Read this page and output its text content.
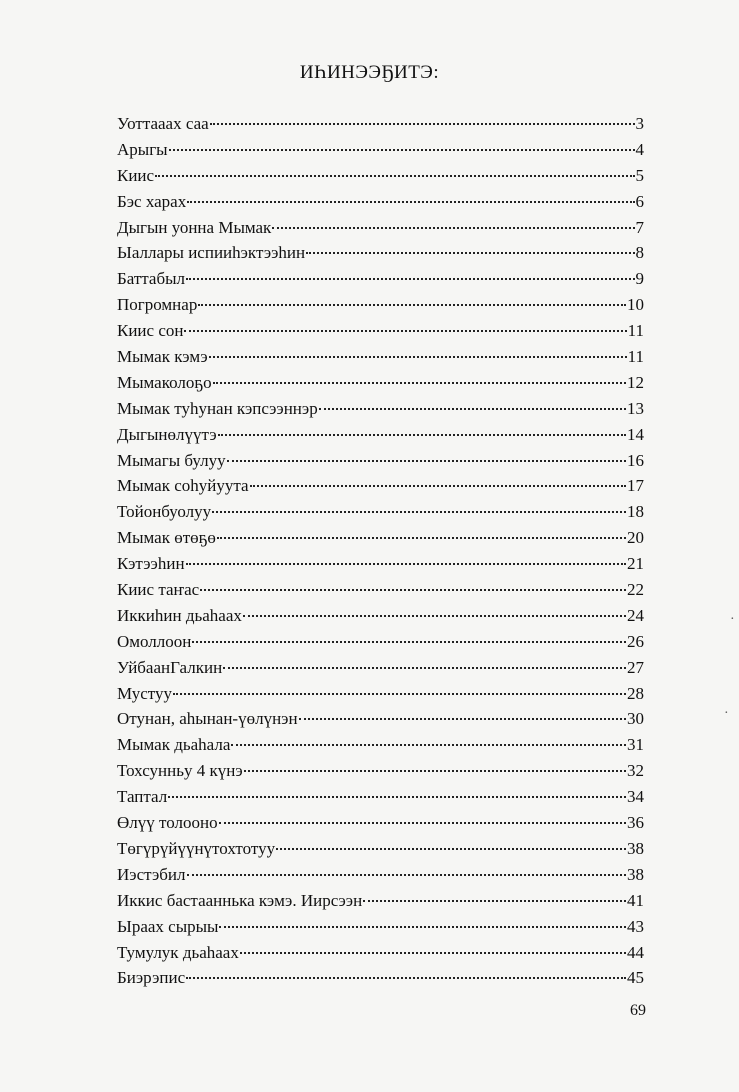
ИҺИНЭЭҔИТЭ:
Уоттааах саа	3
Арыгы	4
Киис	5
Бэс харах	6
Дыгын уонна Мымак	7
Ыаллары испииһэктээһин	8
Баттабыл	9
Погромнар	10
Киис сон	11
Мымак кэмэ	11
Мымаколоҕо	12
Мымак туһунан кэпсээннэр	13
Дыгынөлүүтэ	14
Мымагы булуу	16
Мымак соһуйуута	17
Тойонбуолуу	18
Мымак өтөҕө	20
Кэтээһин	21
Киис таҥас	22
Иккиһин дьаһаах	24
Омоллоон	26
УйбаанГалкин	27
Мустуу	28
Отунан, аһынан-үөлүнэн	30
Мымак дьаһала	31
Тохсунньу 4 күнэ	32
Таптал	34
Өлүү толооно	36
Төгүрүйүүнүтохтотуу	38
Иэстэбил	38
Иккис бастааннька кэмэ. Иирсээн	41
Ыраах сырыы	43
Тумулук дьаһаах	44
Биэрэпис	45
69
·
·
